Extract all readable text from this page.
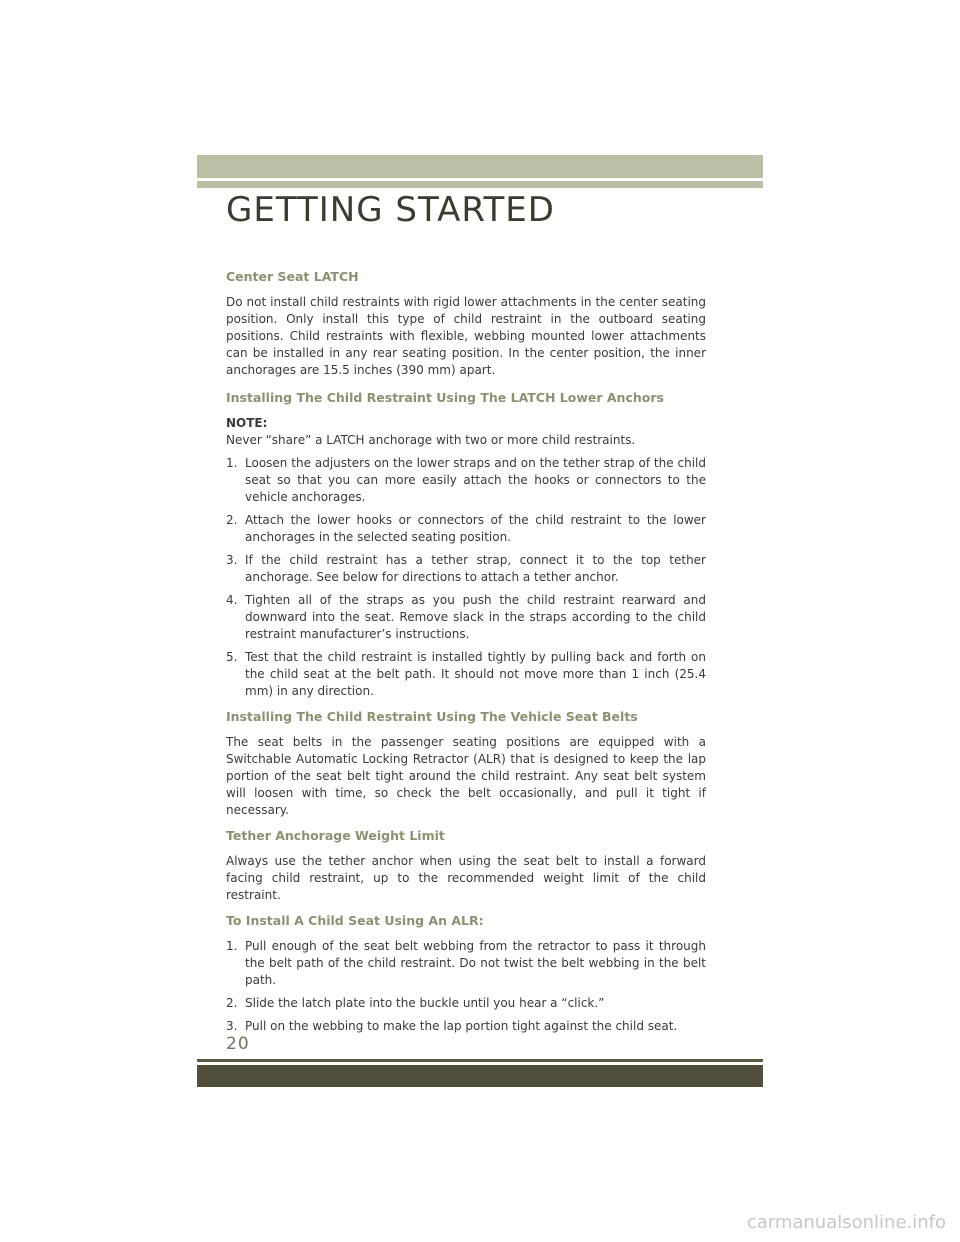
GETTING STARTED
Center Seat LATCH

Do not install child restraints with rigid lower attachments in the center seating position. Only install this type of child restraint in the outboard seating positions. Child restraints with flexible, webbing mounted lower attachments can be installed in any rear seating position. In the center position, the inner anchorages are 15.5 inches (390 mm) apart.

Installing The Child Restraint Using The LATCH Lower Anchors
NOTE:

Never “share” a LATCH anchorage with two or more child restraints.

1. Loosen the adjusters on the lower straps and on the tether strap of the child seat so that you can more easily attach the hooks or connectors to the vehicle anchorages.
2. Attach the lower hooks or connectors of the child restraint to the lower anchorages in the selected seating position.
3. If the child restraint has a tether strap, connect it to the top tether anchorage. See below for directions to attach a tether anchor.
4. Tighten all of the straps as you push the child restraint rearward and downward into the seat. Remove slack in the straps according to the child restraint manufacturer’s instructions.
5. Test that the child restraint is installed tightly by pulling back and forth on the child seat at the belt path. It should not move more than 1 inch (25.4 mm) in any direction.
Installing The Child Restraint Using The Vehicle Seat Belts

The seat belts in the passenger seating positions are equipped with a Switchable Automatic Locking Retractor (ALR) that is designed to keep the lap portion of the seat belt tight around the child restraint. Any seat belt system will loosen with time, so check the belt occasionally, and pull it tight if necessary.

Tether Anchorage Weight Limit

Always use the tether anchor when using the seat belt to install a forward facing child restraint, up to the recommended weight limit of the child restraint.

To Install A Child Seat Using An ALR:
1. Pull enough of the seat belt webbing from the retractor to pass it through the belt path of the child restraint. Do not twist the belt webbing in the belt path.
2. Slide the latch plate into the buckle until you hear a “click.”
3. Pull on the webbing to make the lap portion tight against the child seat.
20
carmanualsonline.info
